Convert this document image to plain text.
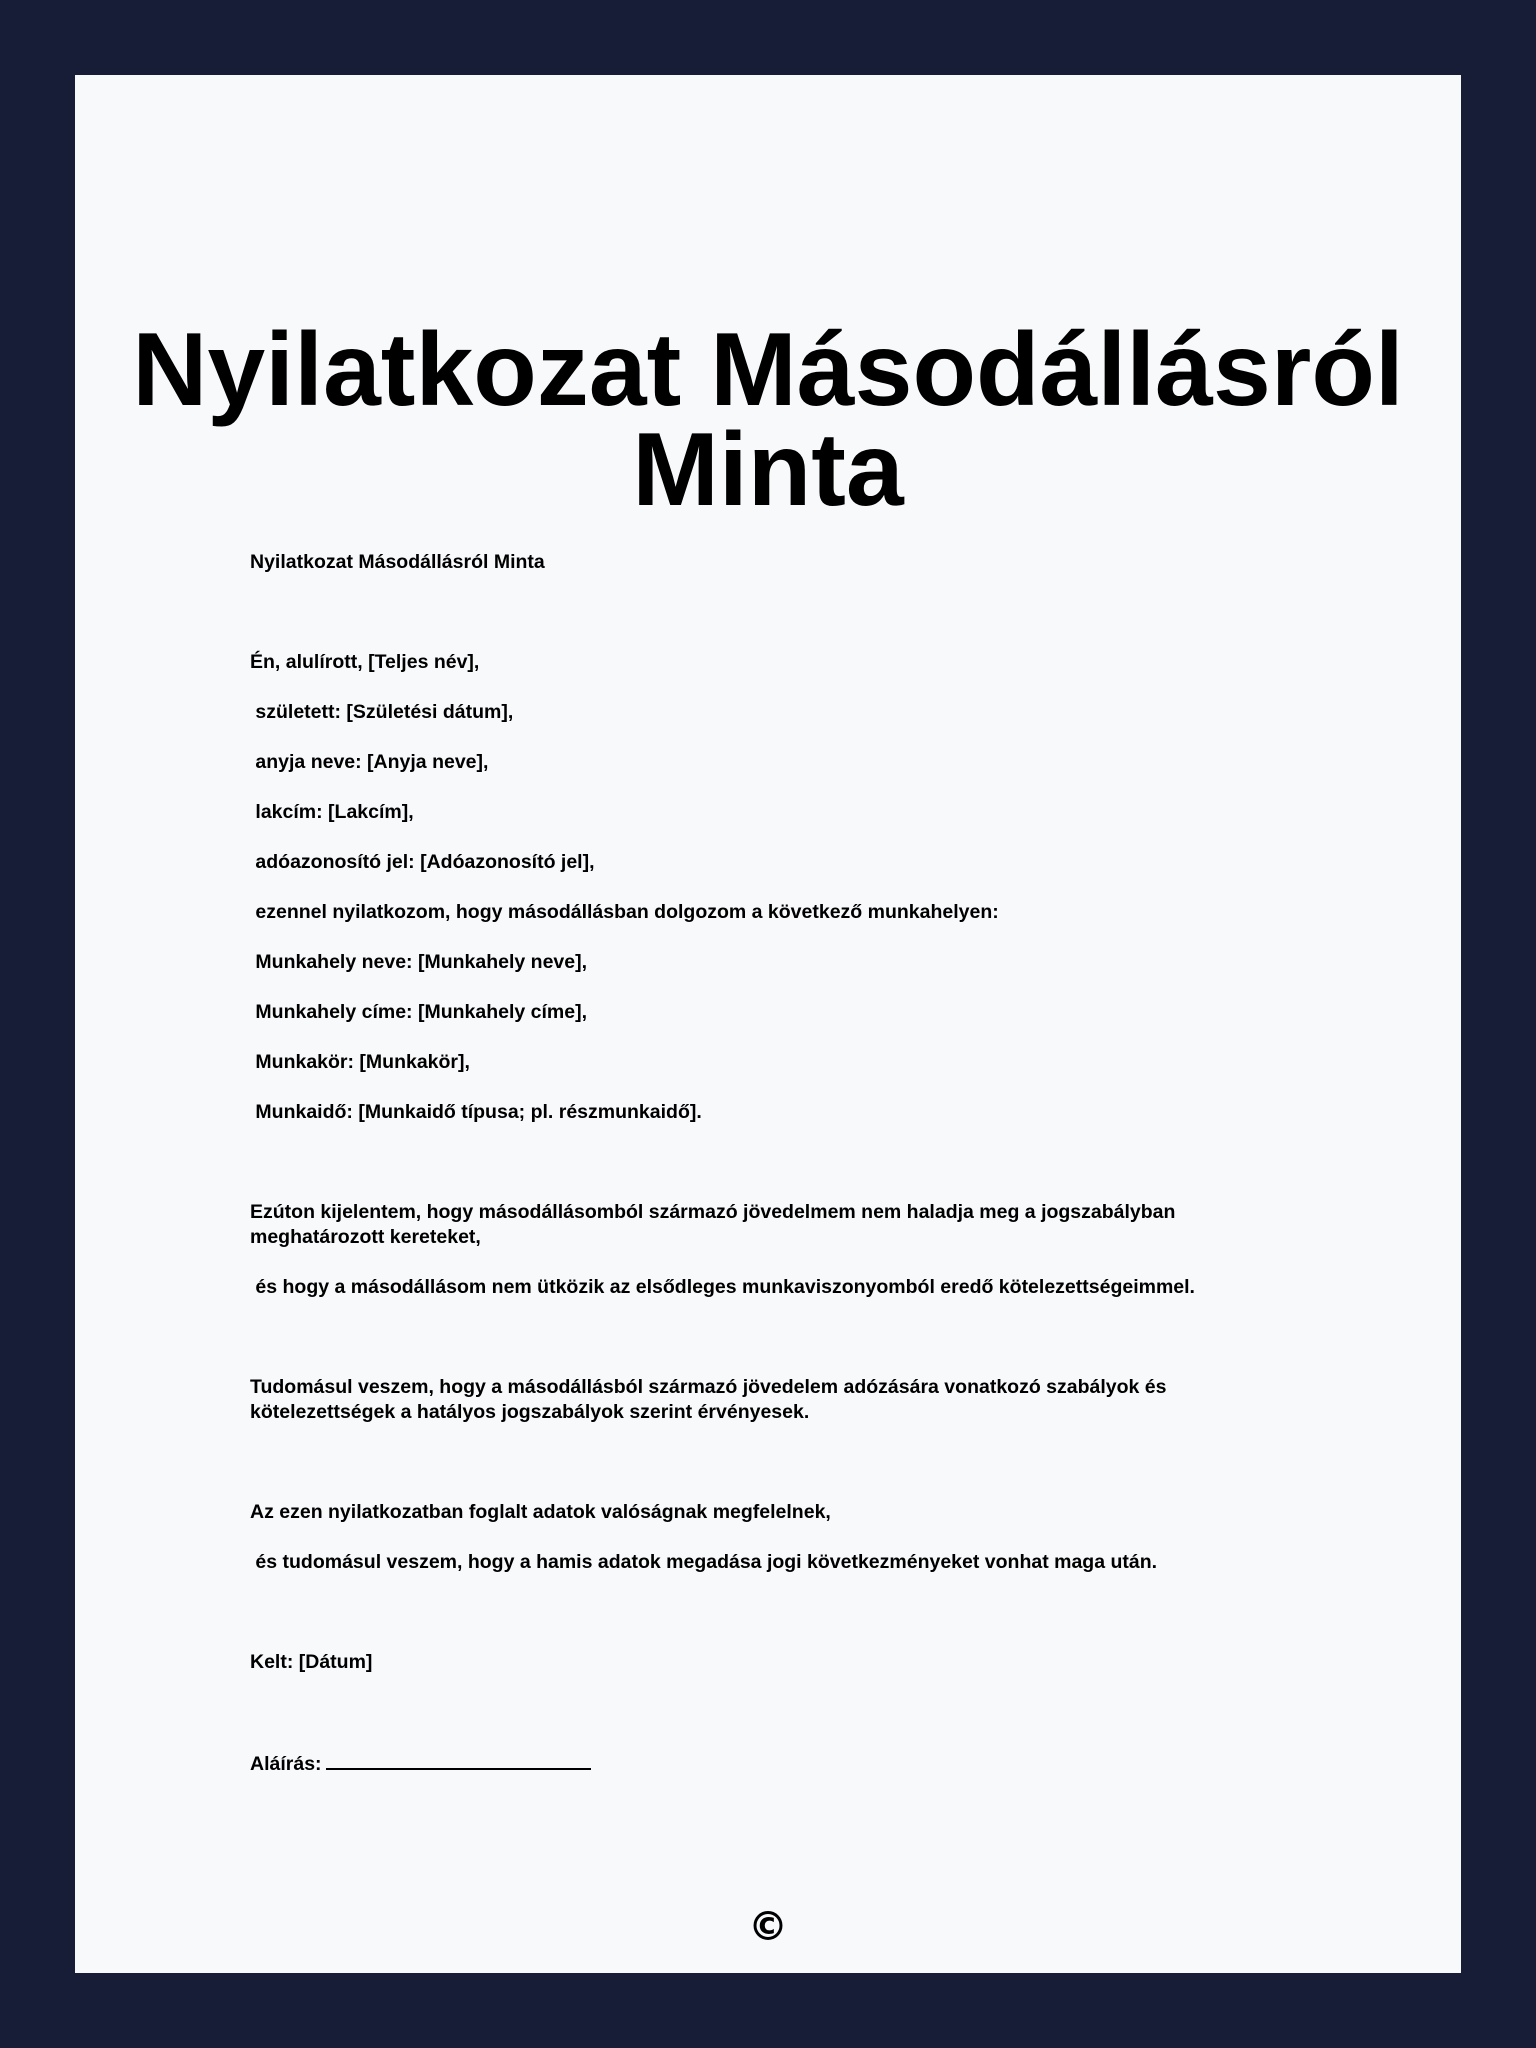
Nyilatkozat Másodállásról Minta

Nyilatkozat Másodállásról Minta

Én, alulírott, [Teljes név],

született: [Születési dátum],

anyja neve: [Anyja neve],

lakcím: [Lakcím],

adóazonosító jel: [Adóazonosító jel],

ezennel nyilatkozom, hogy másodállásban dolgozom a következő munkahelyen:

Munkahely neve: [Munkahely neve],

Munkahely címe: [Munkahely címe],

Munkakör: [Munkakör],

Munkaidő: [Munkaidő típusa; pl. részmunkaidő].

Ezúton kijelentem, hogy másodállásomból származó jövedelmem nem haladja meg a jogszabályban meghatározott kereteket,

és hogy a másodállásom nem ütközik az elsődleges munkaviszonyomból eredő kötelezettségeimmel.

Tudomásul veszem, hogy a másodállásból származó jövedelem adózására vonatkozó szabályok és kötelezettségek a hatályos jogszabályok szerint érvényesek.

Az ezen nyilatkozatban foglalt adatok valóságnak megfelelnek,

és tudomásul veszem, hogy a hamis adatok megadása jogi következményeket vonhat maga után.

Kelt: [Dátum]

Aláírás:

©
